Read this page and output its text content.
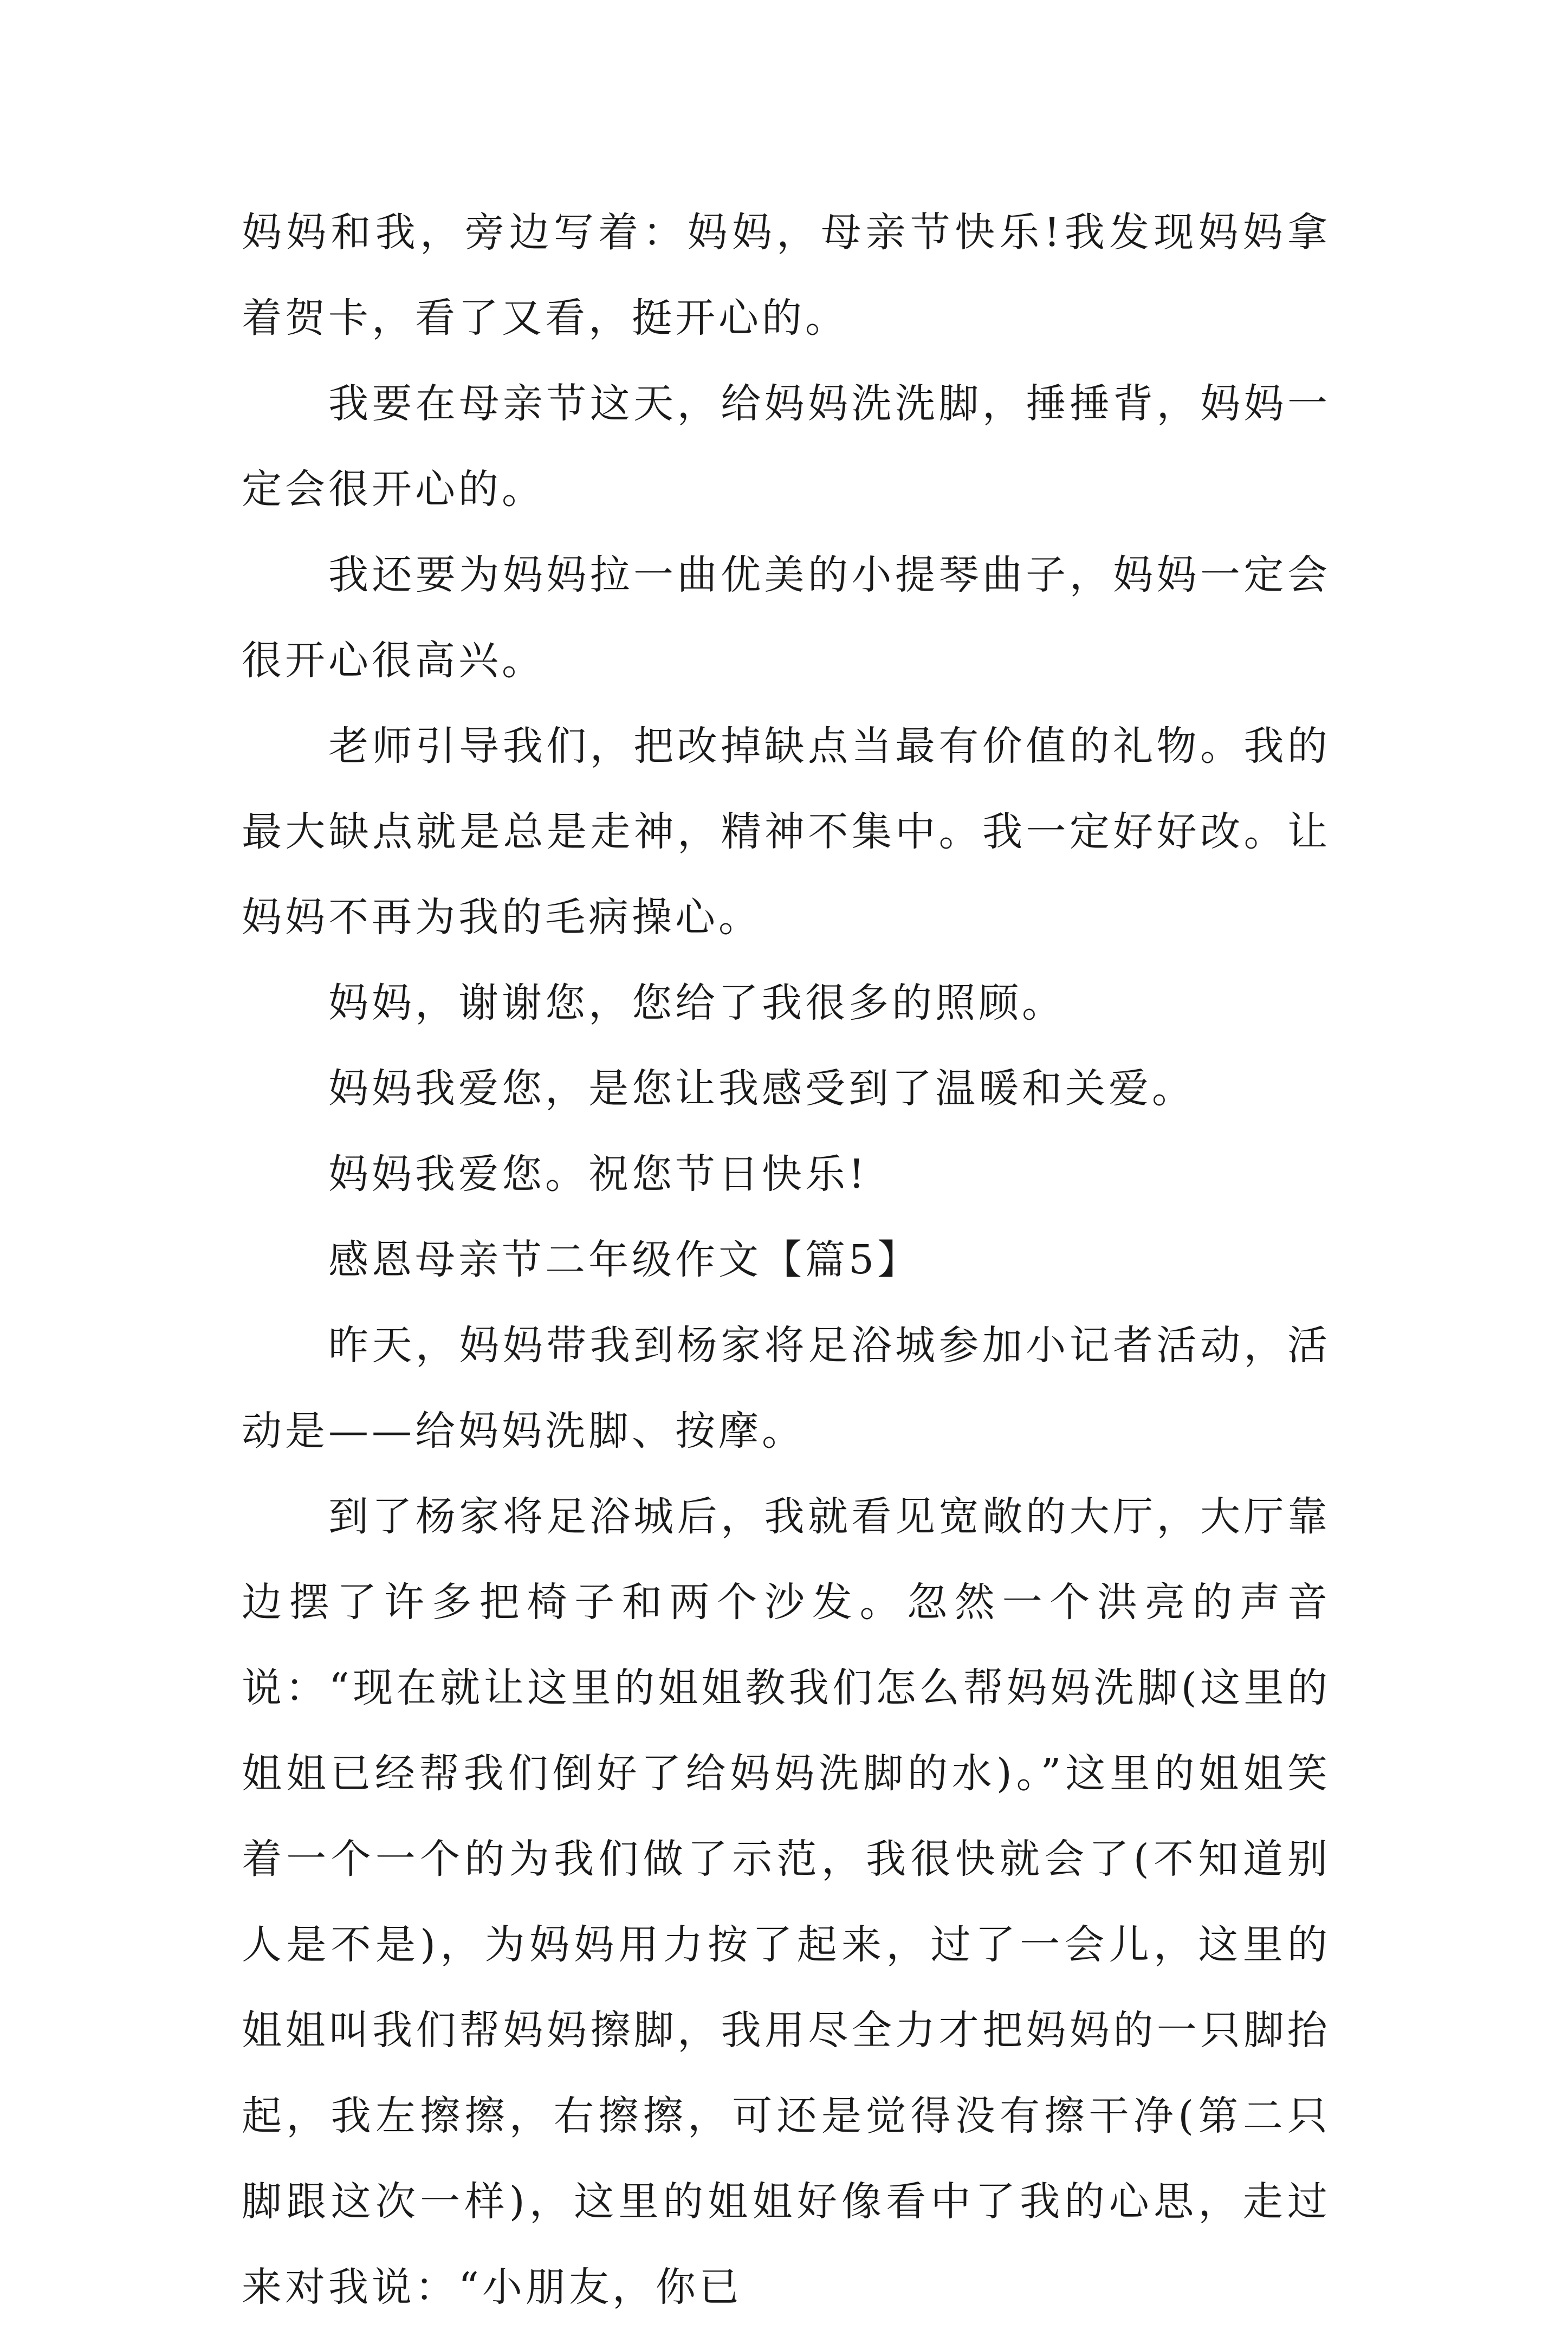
妈妈和我，旁边写着：妈妈，母亲节快乐!我发现妈妈拿着贺卡，看了又看，挺开心的。

我要在母亲节这天，给妈妈洗洗脚，捶捶背，妈妈一定会很开心的。

我还要为妈妈拉一曲优美的小提琴曲子，妈妈一定会很开心很高兴。

老师引导我们，把改掉缺点当最有价值的礼物。我的最大缺点就是总是走神，精神不集中。我一定好好改。让妈妈不再为我的毛病操心。

妈妈，谢谢您，您给了我很多的照顾。

妈妈我爱您，是您让我感受到了温暖和关爱。

妈妈我爱您。祝您节日快乐!

感恩母亲节二年级作文【篇5】

昨天，妈妈带我到杨家将足浴城参加小记者活动，活动是——给妈妈洗脚、按摩。

到了杨家将足浴城后，我就看见宽敞的大厅，大厅靠边摆了许多把椅子和两个沙发。忽然一个洪亮的声音说：“现在就让这里的姐姐教我们怎么帮妈妈洗脚(这里的姐姐已经帮我们倒好了给妈妈洗脚的水)。”这里的姐姐笑着一个一个的为我们做了示范，我很快就会了(不知道别人是不是)，为妈妈用力按了起来，过了一会儿，这里的姐姐叫我们帮妈妈擦脚，我用尽全力才把妈妈的一只脚抬起，我左擦擦，右擦擦，可还是觉得没有擦干净(第二只脚跟这次一样)，这里的姐姐好像看中了我的心思，走过来对我说：“小朋友，你已
